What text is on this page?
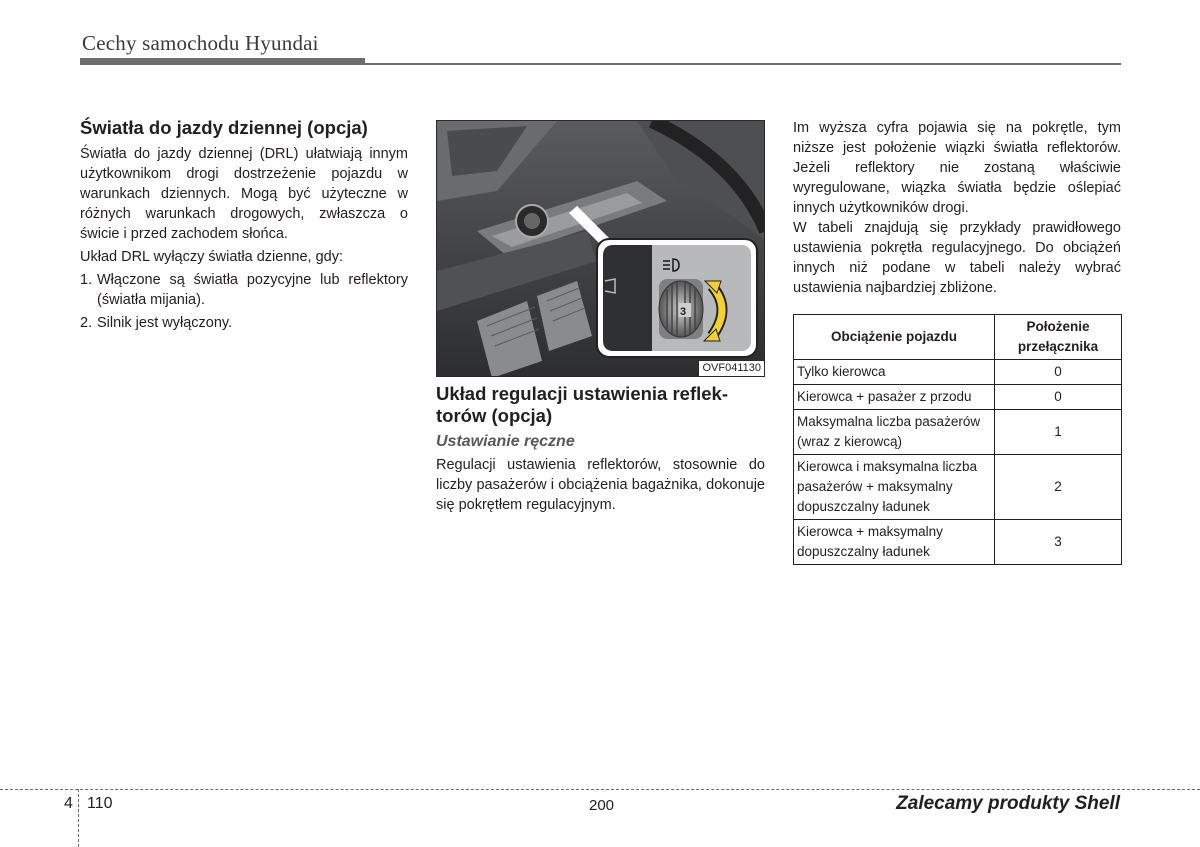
Cechy samochodu Hyundai
Światła do jazdy dziennej (opcja)

Światła do jazdy dziennej (DRL) ułatwiają innym użytkownikom drogi dostrzeżenie pojazdu w warunkach dziennych. Mogą być użyteczne w różnych warunkach drogowych, zwłaszcza o świcie i przed zachodem słońca.

Układ DRL wyłączy światła dzienne, gdy:

1. Włączone są światła pozycyjne lub reflektory (światła mijania).
2. Silnik jest wyłączony.
3
OVF041130
Układ regulacji ustawienia reflek- torów (opcja)
Ustawianie ręczne

Regulacji ustawienia reflektorów, stosownie do liczby pasażerów i obciążenia bagażnika, dokonuje się pokrętłem regulacyjnym.

Im wyższa cyfra pojawia się na pokrętle, tym niższe jest położenie wiązki światła reflektorów. Jeżeli reflektory nie zostaną właściwie wyregulowane, wiązka światła będzie oślepiać innych użytkowników drogi.

W tabeli znajdują się przykłady prawidłowego ustawienia pokrętła regulacyjnego. Do obciążeń innych niż podane w tabeli należy wybrać ustawienia najbardziej zbliżone.

Obciążenie pojazdu	Położenie przełącznika
Tylko kierowca	0
Kierowca + pasażer z przodu	0
Maksymalna liczba pasażerów (wraz z kierowcą)	1
Kierowca i maksymalna liczba pasażerów + maksymalny dopuszczalny ładunek	2
Kierowca + maksymalny dopuszczalny ładunek	3
4 110	200	Zalecamy produkty Shell
